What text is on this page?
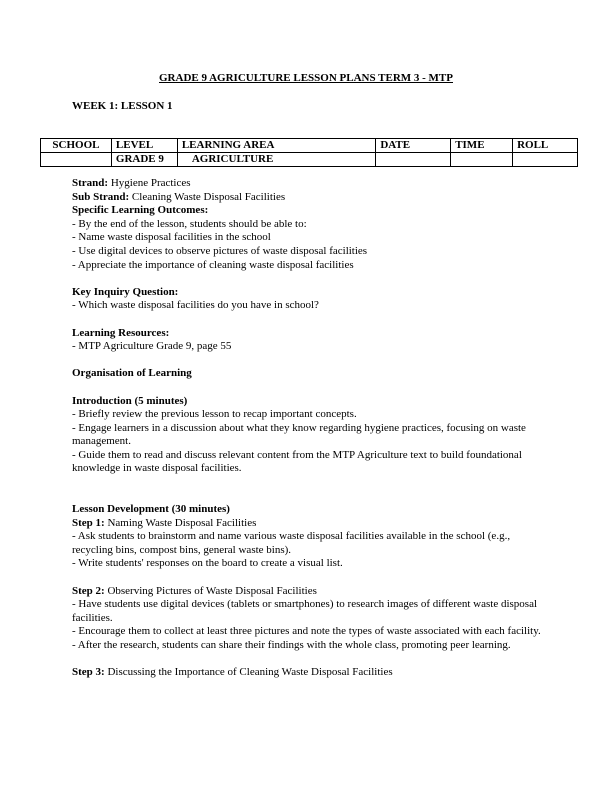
GRADE 9 AGRICULTURE LESSON PLANS TERM 3 - MTP
WEEK 1: LESSON 1
SCHOOL	LEVEL	LEARNING AREA	DATE	TIME	ROLL
	GRADE 9	AGRICULTURE			

Strand: Hygiene Practices

Sub Strand: Cleaning Waste Disposal Facilities

Specific Learning Outcomes:

- By the end of the lesson, students should be able to:

- Name waste disposal facilities in the school

- Use digital devices to observe pictures of waste disposal facilities

- Appreciate the importance of cleaning waste disposal facilities

Key Inquiry Question:

- Which waste disposal facilities do you have in school?

Learning Resources:

- MTP Agriculture Grade 9, page 55

Organisation of Learning

Introduction (5 minutes)

- Briefly review the previous lesson to recap important concepts.

- Engage learners in a discussion about what they know regarding hygiene practices, focusing on waste management.

- Guide them to read and discuss relevant content from the MTP Agriculture text to build foundational knowledge in waste disposal facilities.

Lesson Development (30 minutes)

Step 1: Naming Waste Disposal Facilities

- Ask students to brainstorm and name various waste disposal facilities available in the school (e.g., recycling bins, compost bins, general waste bins).

- Write students' responses on the board to create a visual list.

Step 2: Observing Pictures of Waste Disposal Facilities

- Have students use digital devices (tablets or smartphones) to research images of different waste disposal facilities.

- Encourage them to collect at least three pictures and note the types of waste associated with each facility.

- After the research, students can share their findings with the whole class, promoting peer learning.

Step 3: Discussing the Importance of Cleaning Waste Disposal Facilities
